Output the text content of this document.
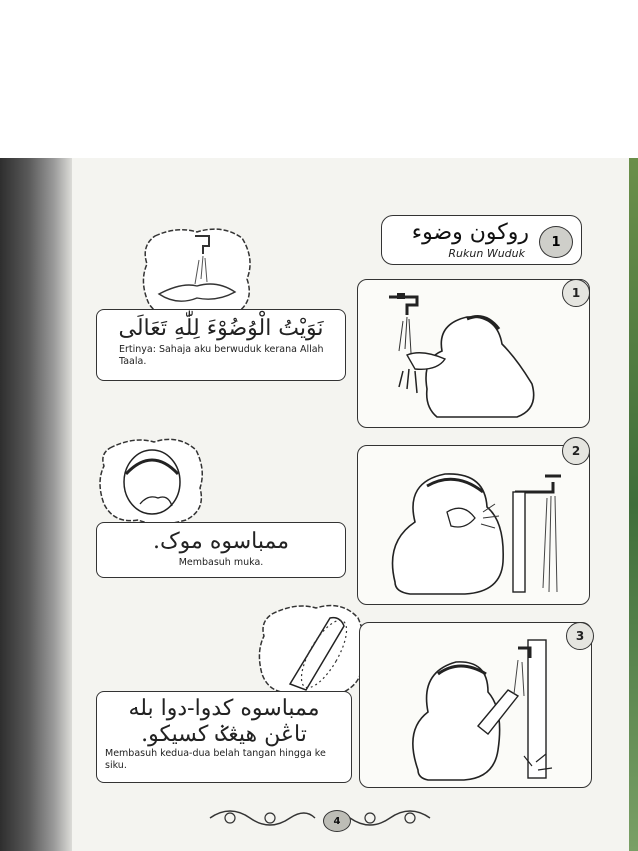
روکون وضوء
Rukun Wuduk
1
1
نَوَيْتُ الْوُضُوْءَ لِلّٰهِ تَعَالَى
Ertinya: Sahaja aku berwuduk kerana Allah Taala.
2
ممباسوه موک.
Membasuh muka.
3
ممباسوه کدوا-دوا بله تاڠن هيڠݢ کسيکو.
Membasuh kedua-dua belah tangan hingga ke siku.
4
